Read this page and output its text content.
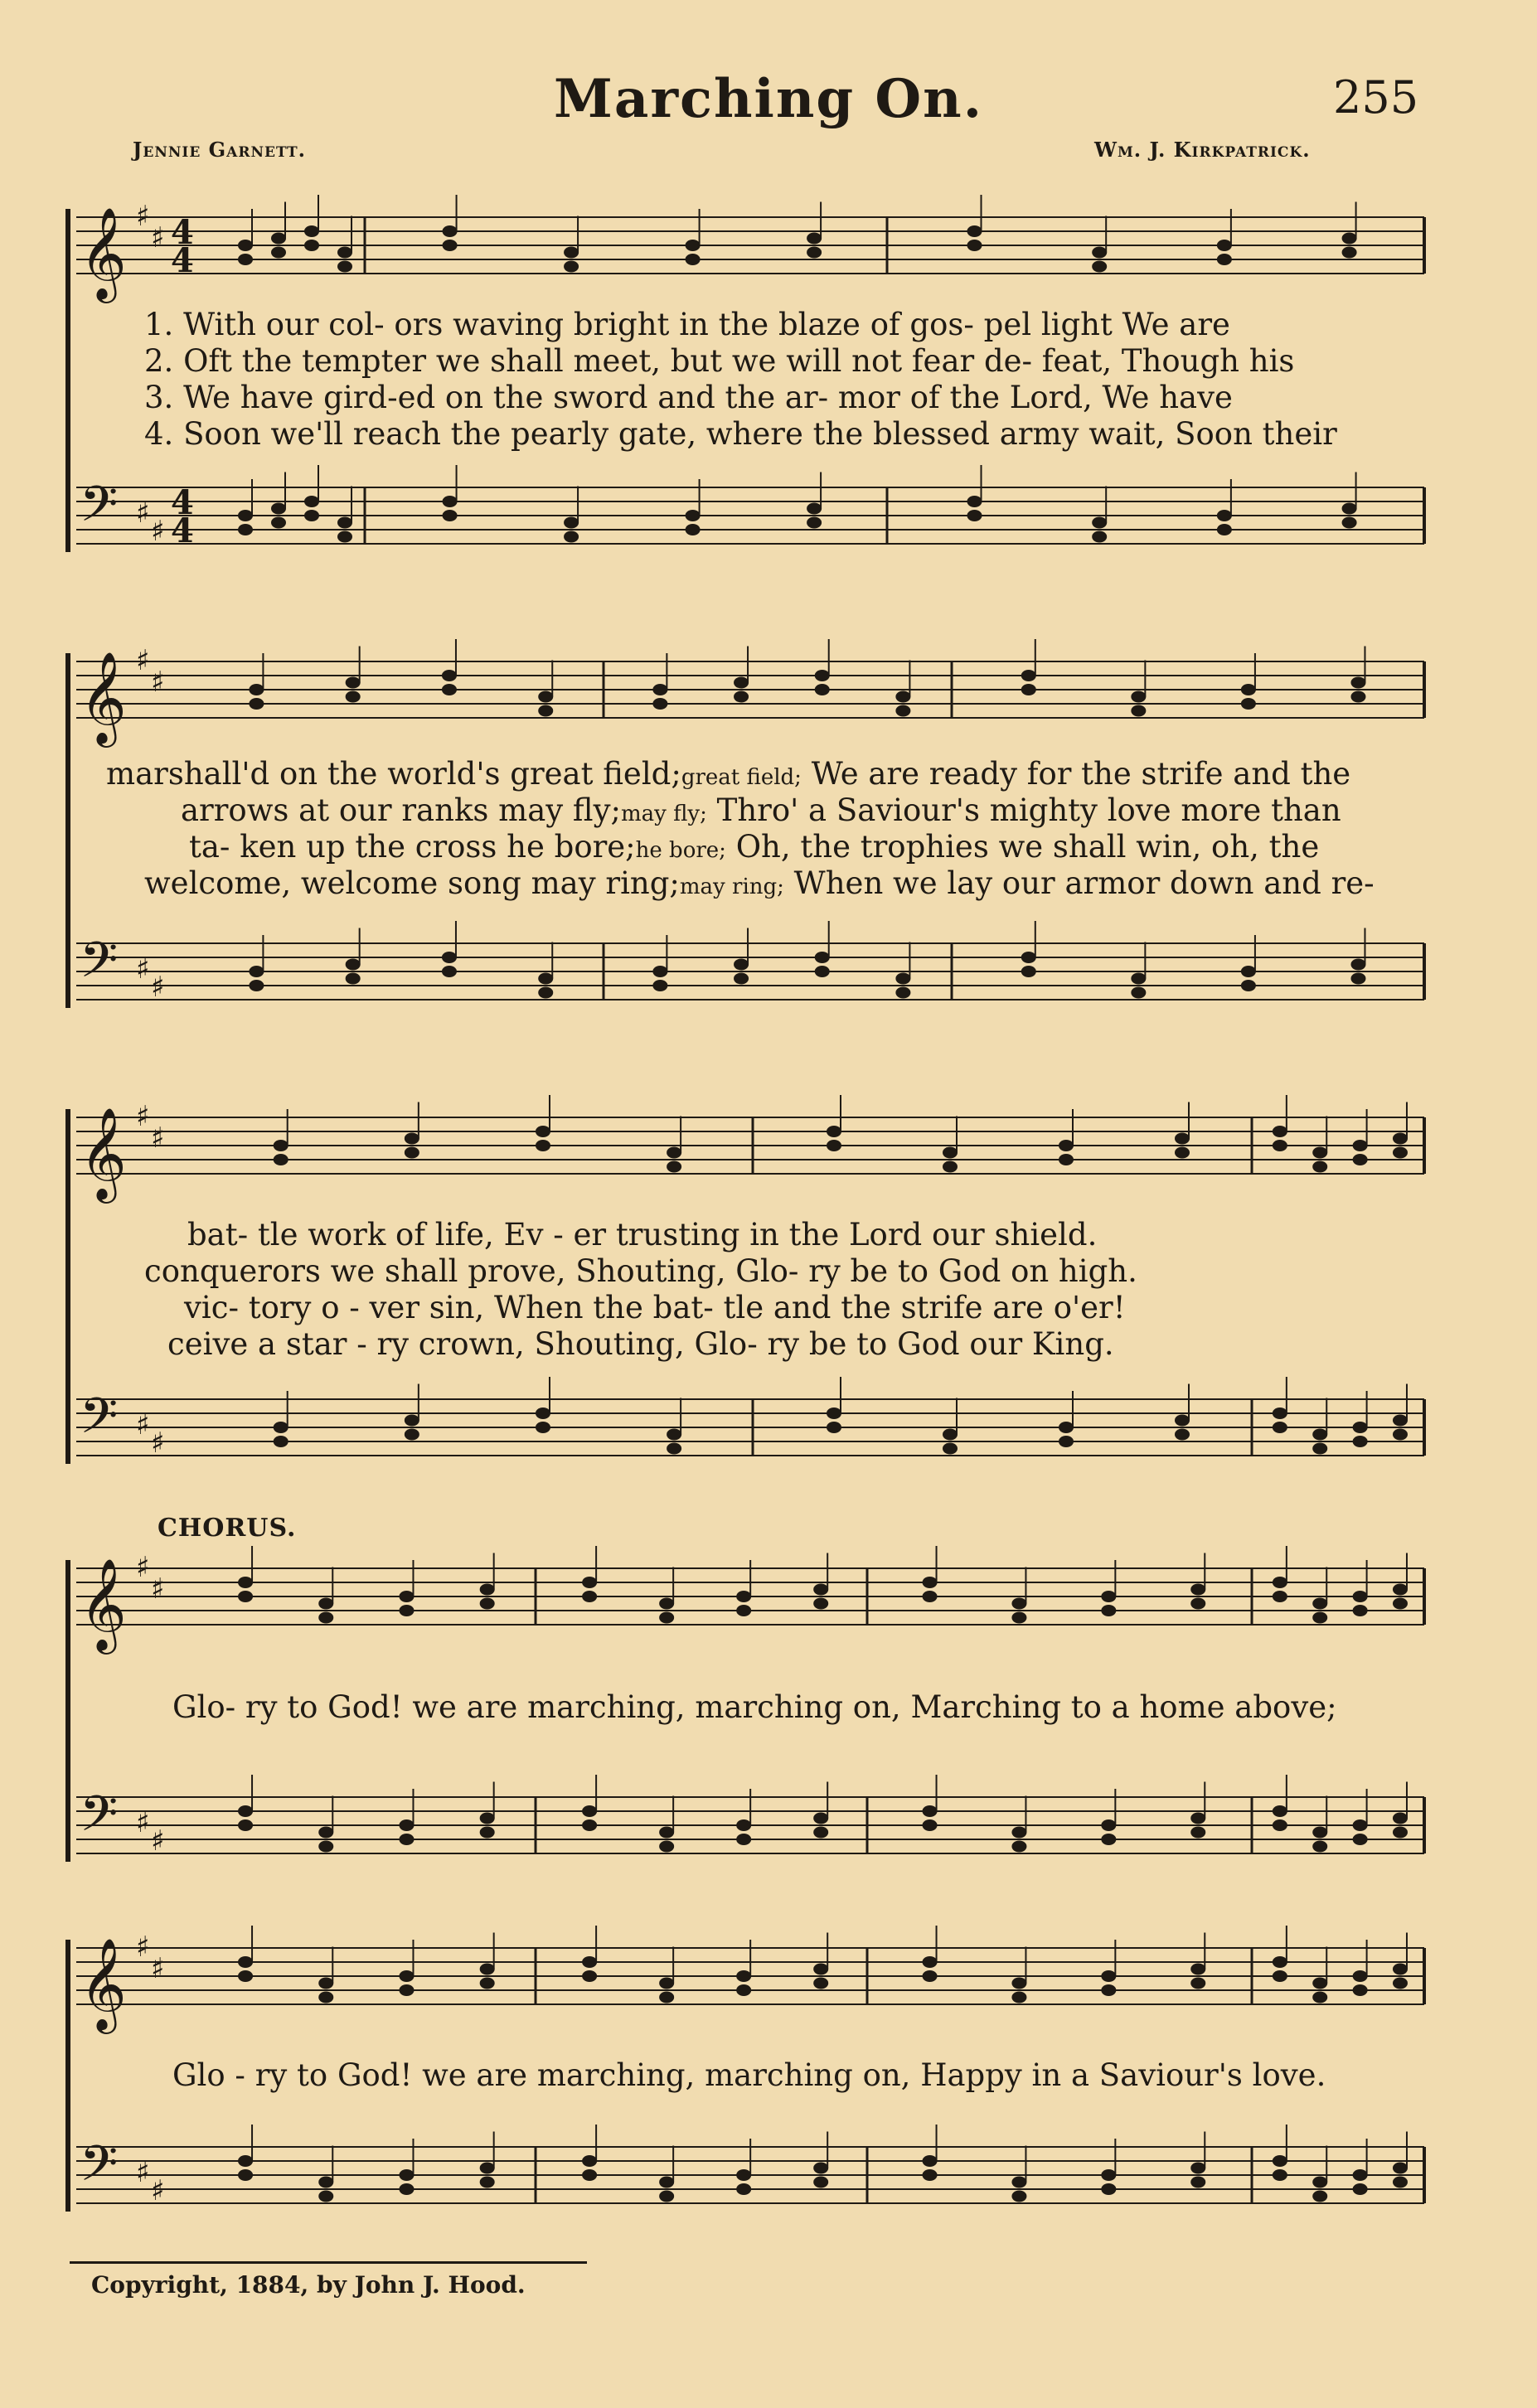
Marching On.	255
Jennie Garnett.	Wm. J. Kirkpatrick.
𝄞 ♯
♯ 4
4
𝄢 ♯
♯
4
4
1. With our col- ors waving bright in the blaze of gos- pel light We are
2. Oft the tempter we shall meet, but we will not fear de- feat, Though his
3. We have gird-ed on the sword and the ar- mor of the Lord, We have
4. Soon we'll reach the pearly gate, where the blessed army wait, Soon their
𝄞 ♯
♯
𝄢 ♯
♯
marshall'd on the world's great field;great field; We are ready for the strife and the
arrows at our ranks may fly;may fly; Thro' a Saviour's mighty love more than
ta- ken up the cross he bore;he bore; Oh, the trophies we shall win, oh, the
welcome, welcome song may ring;may ring; When we lay our armor down and re-
𝄞 ♯
♯
𝄢 ♯
♯
bat- tle work of life, Ev - er trusting in the Lord our shield.
conquerors we shall prove, Shouting, Glo- ry be to God on high.
vic- tory o - ver sin, When the bat- tle and the strife are o'er!
ceive a star - ry crown, Shouting, Glo- ry be to God our King.
CHORUS.
𝄞 ♯
♯
𝄢 ♯
♯
Glo- ry to God! we are marching, marching on, Marching to a home above;
𝄞 ♯
♯
𝄢 ♯
♯
Glo - ry to God! we are marching, marching on, Happy in a Saviour's love.
Copyright, 1884, by John J. Hood.
